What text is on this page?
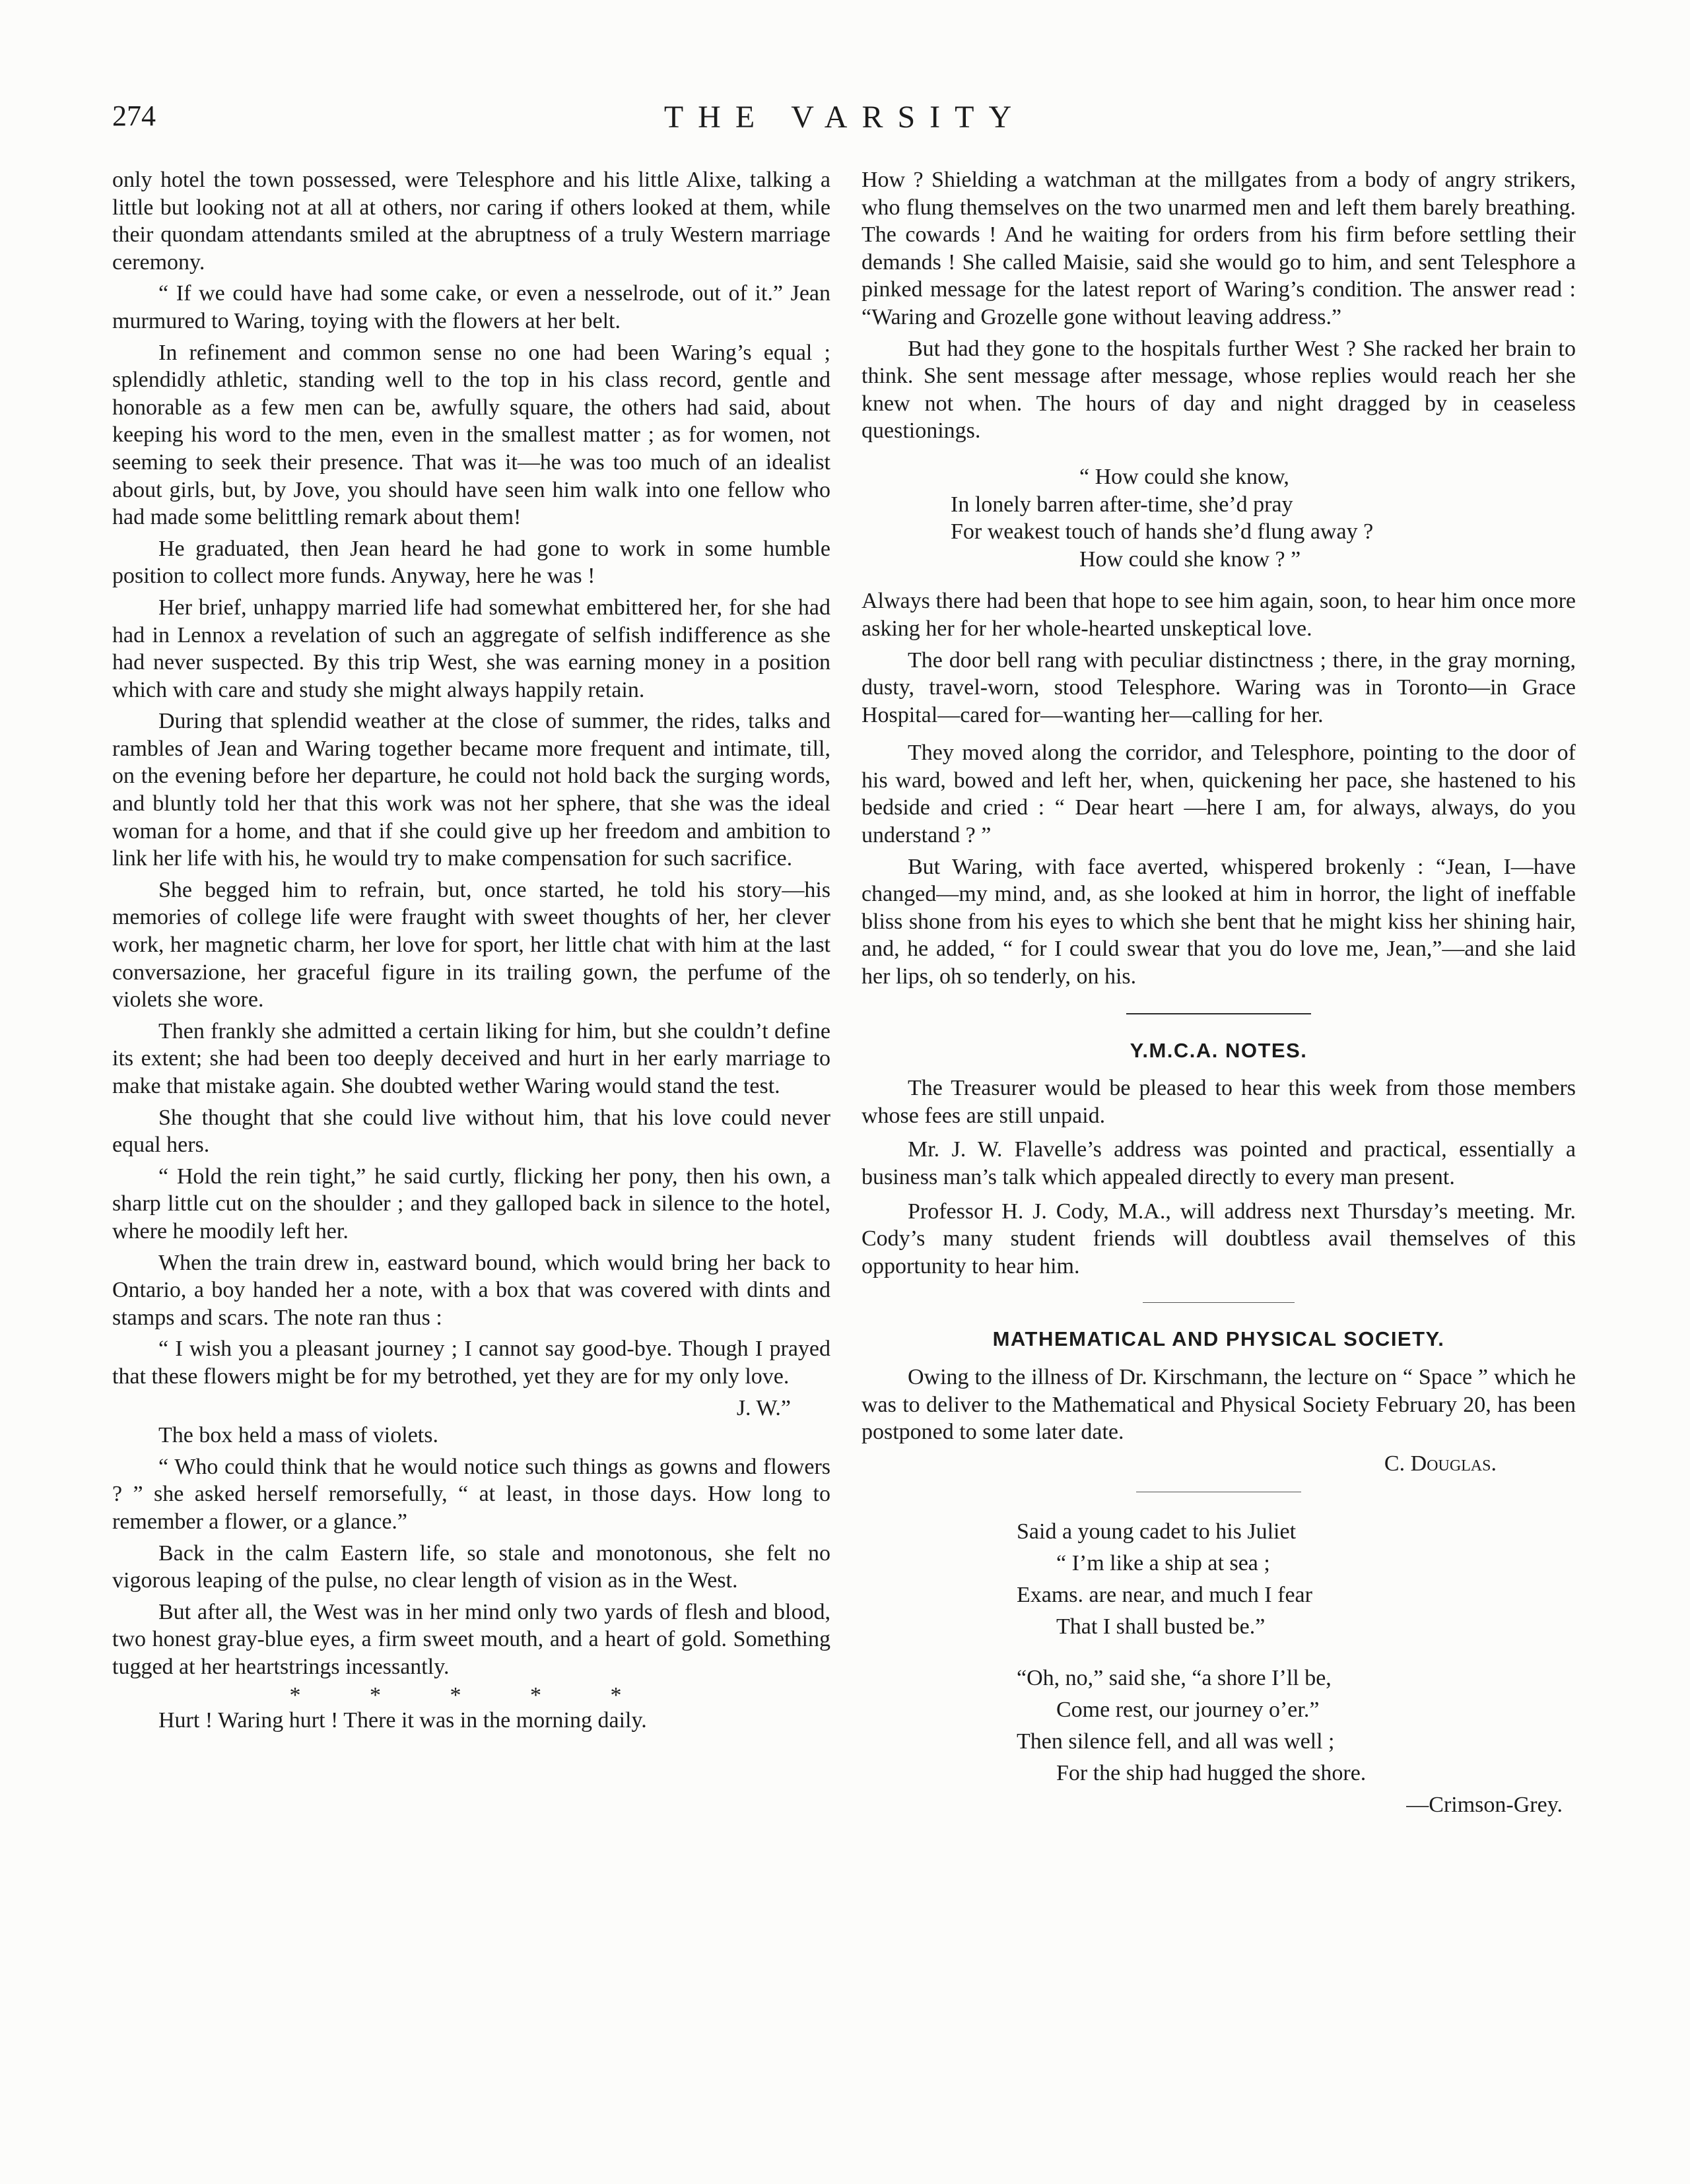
274	THE VARSITY

only hotel the town possessed, were Telesphore and his little Alixe, talking a little but looking not at all at others, nor caring if others looked at them, while their quondam attendants smiled at the abruptness of a truly Western marriage ceremony.

“ If we could have had some cake, or even a nesselrode, out of it.” Jean murmured to Waring, toying with the flowers at her belt.

In refinement and common sense no one had been Waring’s equal ; splendidly athletic, standing well to the top in his class record, gentle and honorable as a few men can be, awfully square, the others had said, about keeping his word to the men, even in the smallest matter ; as for women, not seeming to seek their presence. That was it—he was too much of an idealist about girls, but, by Jove, you should have seen him walk into one fellow who had made some belittling remark about them!

He graduated, then Jean heard he had gone to work in some humble position to collect more funds. Anyway, here he was !

Her brief, unhappy married life had somewhat embittered her, for she had had in Lennox a revelation of such an aggregate of selfish indifference as she had never suspected. By this trip West, she was earning money in a position which with care and study she might always happily retain.

During that splendid weather at the close of summer, the rides, talks and rambles of Jean and Waring together became more frequent and intimate, till, on the evening before her departure, he could not hold back the surging words, and bluntly told her that this work was not her sphere, that she was the ideal woman for a home, and that if she could give up her freedom and ambition to link her life with his, he would try to make compensation for such sacrifice.

She begged him to refrain, but, once started, he told his story—his memories of college life were fraught with sweet thoughts of her, her clever work, her magnetic charm, her love for sport, her little chat with him at the last conversazione, her graceful figure in its trailing gown, the perfume of the violets she wore.

Then frankly she admitted a certain liking for him, but she couldn’t define its extent; she had been too deeply deceived and hurt in her early marriage to make that mistake again. She doubted wether Waring would stand the test.

She thought that she could live without him, that his love could never equal hers.

“ Hold the rein tight,” he said curtly, flicking her pony, then his own, a sharp little cut on the shoulder ; and they galloped back in silence to the hotel, where he moodily left her.

When the train drew in, eastward bound, which would bring her back to Ontario, a boy handed her a note, with a box that was covered with dints and stamps and scars. The note ran thus :

“ I wish you a pleasant journey ; I cannot say good-bye. Though I prayed that these flowers might be for my betrothed, yet they are for my only love.

J. W.”

The box held a mass of violets.

“ Who could think that he would notice such things as gowns and flowers ? ” she asked herself remorsefully, “ at least, in those days. How long to remember a flower, or a glance.”

Back in the calm Eastern life, so stale and monotonous, she felt no vigorous leaping of the pulse, no clear length of vision as in the West.

But after all, the West was in her mind only two yards of flesh and blood, two honest gray-blue eyes, a firm sweet mouth, and a heart of gold. Something tugged at her heartstrings incessantly.

* * * * *

Hurt ! Waring hurt ! There it was in the morning daily.

How ? Shielding a watchman at the millgates from a body of angry strikers, who flung themselves on the two unarmed men and left them barely breathing. The cowards ! And he waiting for orders from his firm before settling their demands ! She called Maisie, said she would go to him, and sent Telesphore a pinked message for the latest report of Waring’s condition. The answer read : “Waring and Grozelle gone without leaving address.”

But had they gone to the hospitals further West ? She racked her brain to think. She sent message after message, whose replies would reach her she knew not when. The hours of day and night dragged by in ceaseless questionings.

“ How could she know,
In lonely barren after-time, she’d pray
For weakest touch of hands she’d flung away ?
How could she know ? ”

Always there had been that hope to see him again, soon, to hear him once more asking her for her whole-hearted unskeptical love.

The door bell rang with peculiar distinctness ; there, in the gray morning, dusty, travel-worn, stood Telesphore. Waring was in Toronto—in Grace Hospital—cared for—wanting her—calling for her.

They moved along the corridor, and Telesphore, pointing to the door of his ward, bowed and left her, when, quickening her pace, she hastened to his bedside and cried : “ Dear heart —here I am, for always, always, do you understand ? ”

But Waring, with face averted, whispered brokenly : “Jean, I—have changed—my mind, and, as she looked at him in horror, the light of ineffable bliss shone from his eyes to which she bent that he might kiss her shining hair, and, he added, “ for I could swear that you do love me, Jean,”—and she laid her lips, oh so tenderly, on his.

Y.M.C.A. NOTES.

The Treasurer would be pleased to hear this week from those members whose fees are still unpaid.

Mr. J. W. Flavelle’s address was pointed and practical, essentially a business man’s talk which appealed directly to every man present.

Professor H. J. Cody, M.A., will address next Thursday’s meeting. Mr. Cody’s many student friends will doubtless avail themselves of this opportunity to hear him.

MATHEMATICAL AND PHYSICAL SOCIETY.

Owing to the illness of Dr. Kirschmann, the lecture on “ Space ” which he was to deliver to the Mathematical and Physical Society February 20, has been postponed to some later date.

C. Douglas.
Said a young cadet to his Juliet
“ I’m like a ship at sea ;
Exams. are near, and much I fear
That I shall busted be.”
“Oh, no,” said she, “a shore I’ll be,
Come rest, our journey o’er.”
Then silence fell, and all was well ;
For the ship had hugged the shore.
—Crimson-Grey.
